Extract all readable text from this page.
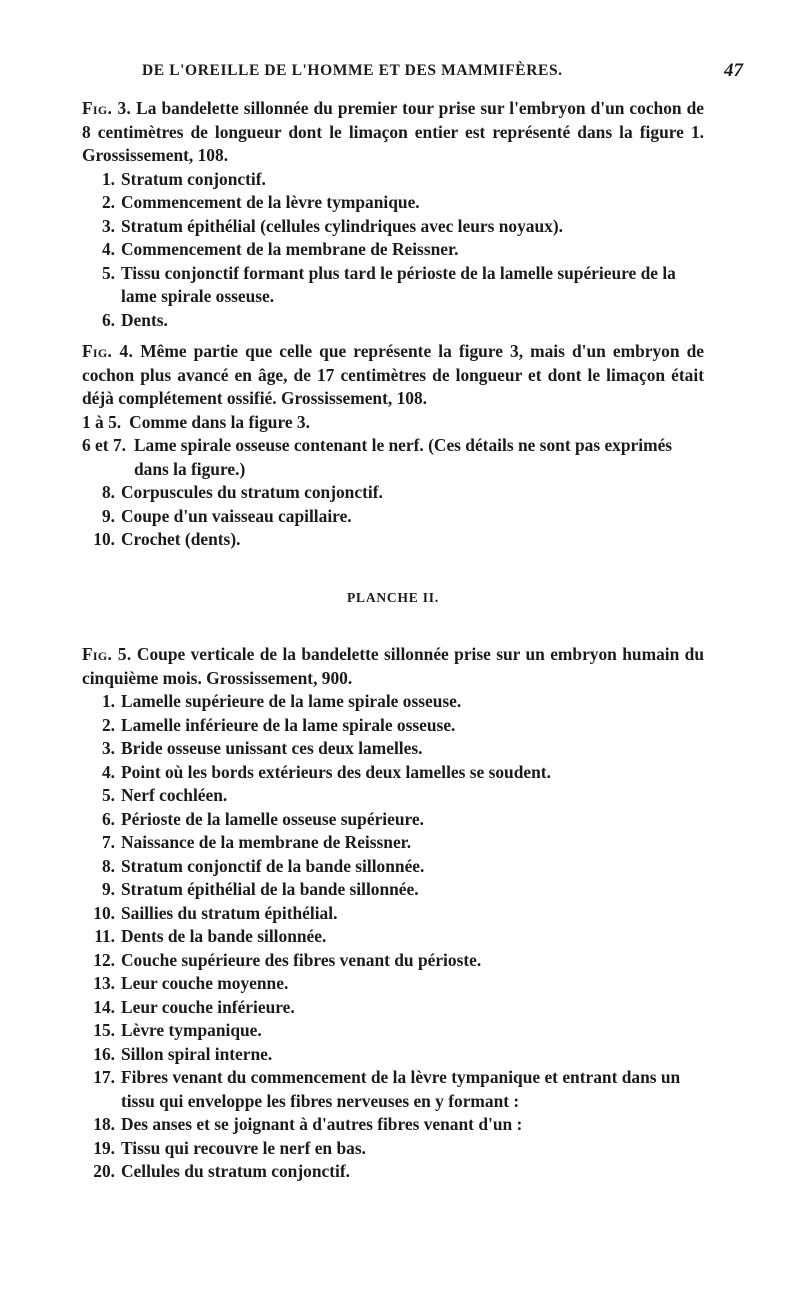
DE L'OREILLE DE L'HOMME ET DES MAMMIFÈRES.	47
Fig. 3. La bandelette sillonnée du premier tour prise sur l'embryon d'un cochon de 8 centimètres de longueur dont le limaçon entier est représenté dans la figure 1. Grossissement, 108.
1. Stratum conjonctif.
2. Commencement de la lèvre tympanique.
3. Stratum épithélial (cellules cylindriques avec leurs noyaux).
4. Commencement de la membrane de Reissner.
5. Tissu conjonctif formant plus tard le périoste de la lamelle supérieure de la lame spirale osseuse.
6. Dents.
Fig. 4. Même partie que celle que représente la figure 3, mais d'un embryon de cochon plus avancé en âge, de 17 centimètres de longueur et dont le limaçon était déjà complétement ossifié. Grossissement, 108.
1 à 5. Comme dans la figure 3.
6 et 7. Lame spirale osseuse contenant le nerf. (Ces détails ne sont pas exprimés dans la figure.)
8. Corpuscules du stratum conjonctif.
9. Coupe d'un vaisseau capillaire.
10. Crochet (dents).
PLANCHE II.
Fig. 5. Coupe verticale de la bandelette sillonnée prise sur un embryon humain du cinquième mois. Grossissement, 900.
1. Lamelle supérieure de la lame spirale osseuse.
2. Lamelle inférieure de la lame spirale osseuse.
3. Bride osseuse unissant ces deux lamelles.
4. Point où les bords extérieurs des deux lamelles se soudent.
5. Nerf cochléen.
6. Périoste de la lamelle osseuse supérieure.
7. Naissance de la membrane de Reissner.
8. Stratum conjonctif de la bande sillonnée.
9. Stratum épithélial de la bande sillonnée.
10. Saillies du stratum épithélial.
11. Dents de la bande sillonnée.
12. Couche supérieure des fibres venant du périoste.
13. Leur couche moyenne.
14. Leur couche inférieure.
15. Lèvre tympanique.
16. Sillon spiral interne.
17. Fibres venant du commencement de la lèvre tympanique et entrant dans un tissu qui enveloppe les fibres nerveuses en y formant :
18. Des anses et se joignant à d'autres fibres venant d'un :
19. Tissu qui recouvre le nerf en bas.
20. Cellules du stratum conjonctif.
